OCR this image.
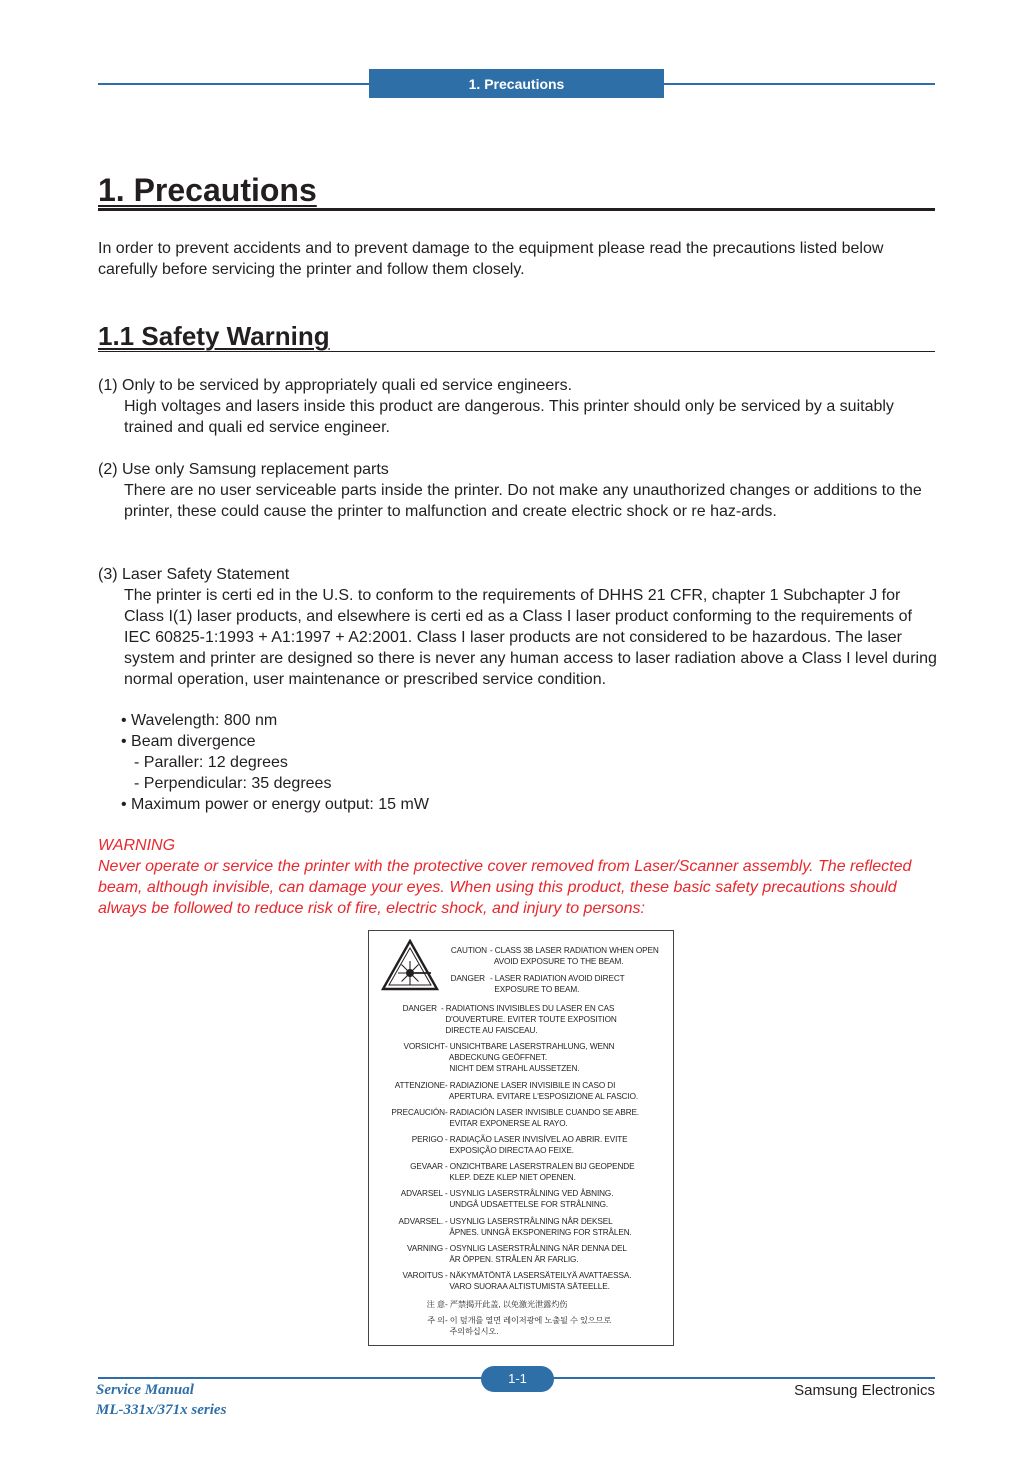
1. Precautions
1. Precautions
In order to prevent accidents and to prevent damage to the equipment please read the precautions listed below carefully before servicing the printer and follow them closely.
1.1 Safety Warning
(1) Only to be serviced by appropriately quali ed service engineers.
High voltages and lasers inside this product are dangerous. This printer should only be serviced by a suitably trained and quali ed service engineer.
(2) Use only Samsung replacement parts
There are no user serviceable parts inside the printer. Do not make any unauthorized changes or additions to the printer, these could cause the printer to malfunction and create electric shock or re haz-ards.
(3) Laser Safety Statement
The printer is certi ed in the U.S. to conform to the requirements of DHHS 21 CFR, chapter 1 Subchapter J for Class I(1) laser products, and elsewhere is certi ed as a Class I laser product conforming to the requirements of IEC 60825-1:1993 + A1:1997 + A2:2001. Class I laser products are not considered to be hazardous. The laser system and printer are designed so there is never any human access to laser radiation above a Class I level during normal operation, user maintenance or prescribed service condition.
• Wavelength: 800 nm
• Beam divergence
- Paraller: 12 degrees
- Perpendicular: 35 degrees
• Maximum power or energy output: 15 mW
WARNING
Never operate or service the printer with the protective cover removed from Laser/Scanner assembly. The reflected beam, although invisible, can damage your eyes. When using this product, these basic safety precautions should always be followed to reduce risk of fire, electric shock, and injury to persons:
CAUTION - CLASS 3B LASER RADIATION WHEN OPEN
AVOID EXPOSURE TO THE BEAM.
DANGER - LASER RADIATION AVOID DIRECT
EXPOSURE TO BEAM.
DANGER - RADIATIONS INVISIBLES DU LASER EN CAS
D'OUVERTURE. EVITER TOUTE EXPOSITION
DIRECTE AU FAISCEAU.
VORSICHT - UNSICHTBARE LASERSTRAHLUNG, WENN
ABDECKUNG GEÖFFNET.
NICHT DEM STRAHL AUSSETZEN.
ATTENZIONE - RADIAZIONE LASER INVISIBILE IN CASO DI
APERTURA. EVITARE L'ESPOSIZIONE AL FASCIO.
PRECAUCIÓN - RADIACIÓN LASER INVISIBLE CUANDO SE ABRE.
EVITAR EXPONERSE AL RAYO.
PERIGO - RADIAÇÃO LASER INVISÍVEL AO ABRIR. EVITE
EXPOSIÇÃO DIRECTA AO FEIXE.
GEVAAR - ONZICHTBARE LASERSTRALEN BIJ GEOPENDE
KLEP. DEZE KLEP NIET OPENEN.
ADVARSEL - USYNLIG LASERSTRÅLNING VED ÅBNING.
UNDGÅ UDSAETTELSE FOR STRÅLNING.
ADVARSEL. - USYNLIG LASERSTRÅLNING NÅR DEKSEL
ÅPNES. UNNGÅ EKSPONERING FOR STRÅLEN.
VARNING - OSYNLIG LASERSTRÅLNING NÄR DENNA DEL
ÄR ÖPPEN. STRÅLEN ÄR FARLIG.
VAROITUS - NÄKYMÄTÖNTÄ LASERSÄTEILYÄ AVATTAESSA.
VARO SUORAA ALTISTUMISTA SÄTEELLE.
注 意 - 严禁揭开此盖, 以免激光泄露灼伤
주 의 - 이 덮개를 열면 레이저광에 노출될 수 있으므로
주의하십시오.
1-1
Service Manual
ML-331x/371x series
Samsung Electronics
